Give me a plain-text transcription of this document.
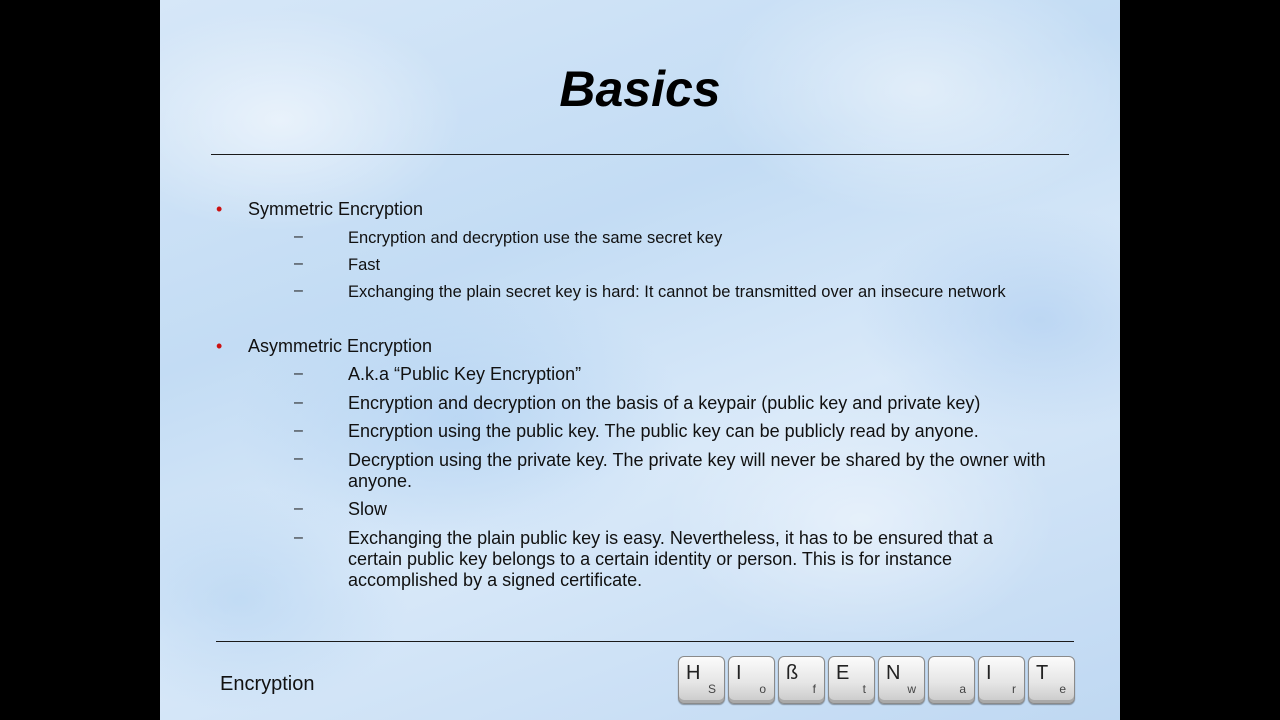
Basics
• Symmetric Encryption
–	Encryption and decryption use the same secret key
–	Fast
–	Exchanging the plain secret key is hard: It cannot be transmitted over an insecure network
• Asymmetric Encryption
–	A.k.a “Public Key Encryption”
–	Encryption and decryption on the basis of a keypair (public key and private key)
–	Encryption using the public key. The public key can be publicly read by anyone.
–	Decryption using the private key. The private key will never be shared by the owner with anyone.
–	Slow
–	Exchanging the plain public key is easy. Nevertheless, it has to be ensured that a certain public key belongs to a certain identity or person. This is for instance accomplished by a signed certificate.
Encryption	H
S
I
o
ß
f
E
t
N
w	a
I
r
T
e
